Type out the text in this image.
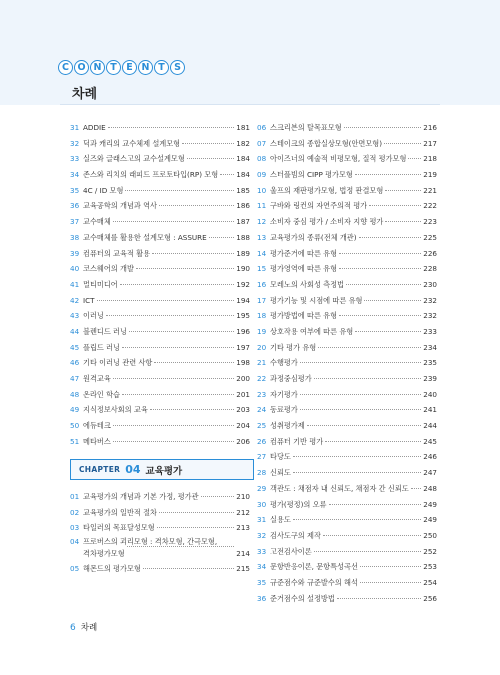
C O N T	E N T S
차례
31 ADDIE	181
32 딕과 캐리의 교수체제 설계모형	182
33 실즈와 글래스고의 교수설계모형	184
34 존스와 리치의 래피드 프로토타입(RP) 모형	184
35 4C / ID 모형	185
36 교육공학의 개념과 역사	186
37 교수매체	187
38 교수매체를 활용한 설계모형 : ASSURE	188
39 컴퓨터의 교육적 활용	189
40 코스웨어의 개발	190
41 멀티미디어	192
42 ICT	194
43 이러닝	195
44 블렌디드 러닝	196
45 플립드 러닝	197
46 기타 이러닝 관련 사항	198
47 원격교육	200
48 온라인 학습	201
49 지식정보사회의 교육	203
50 에듀테크	204
51 메타버스	206
CHAPTER 04 교육평가
01 교육평가의 개념과 기본 가정, 평가관	210
02 교육평가의 일반적 절차	212
03 타일러의 목표달성모형	213
04 프로버스의 괴리모형 : 격차모형, 간극모형,
격차평가모형	214
05 해몬드의 평가모형	215
06 스크리븐의 탈목표모형	216
07 스테이크의 종합실상모형(안면모형)	217
08 아이즈너의 예술적 비평모형, 질적 평가모형 218
09 스터플빔의 CIPP 평가모형	219
10 울프의 재판평가모형, 법정 판결모형	221
11 구바와 링컨의 자연주의적 평가	222
12 소비자 중심 평가 / 소비자 지향 평가	223
13 교육평가의 종류(전체 개관)	225
14 평가준거에 따른 유형	226
15 평가영역에 따른 유형	228
16 모레노의 사회성 측정법	230
17 평가기능 및 시점에 따른 유형	232
18 평가방법에 따른 유형	232
19 상호작용 여부에 따른 유형	233
20 기타 평가 유형	234
21 수행평가	235
22 과정중심평가	239
23 자기평가	240
24 동료평가	241
25 성취평가제	244
26 컴퓨터 기반 평가	245
27 타당도	246
28 신뢰도	247
29 객관도 : 채점자 내 신뢰도, 채점자 간 신뢰도 248
30 평가(평정)의 오류	249
31 실용도	249
32 검사도구의 제작	250
33 고전검사이론	252
34 문항반응이론, 문항특성곡선	253
35 규준점수와 규준발수의 해석	254
36 준거점수의 설정방법	256
6 차례
